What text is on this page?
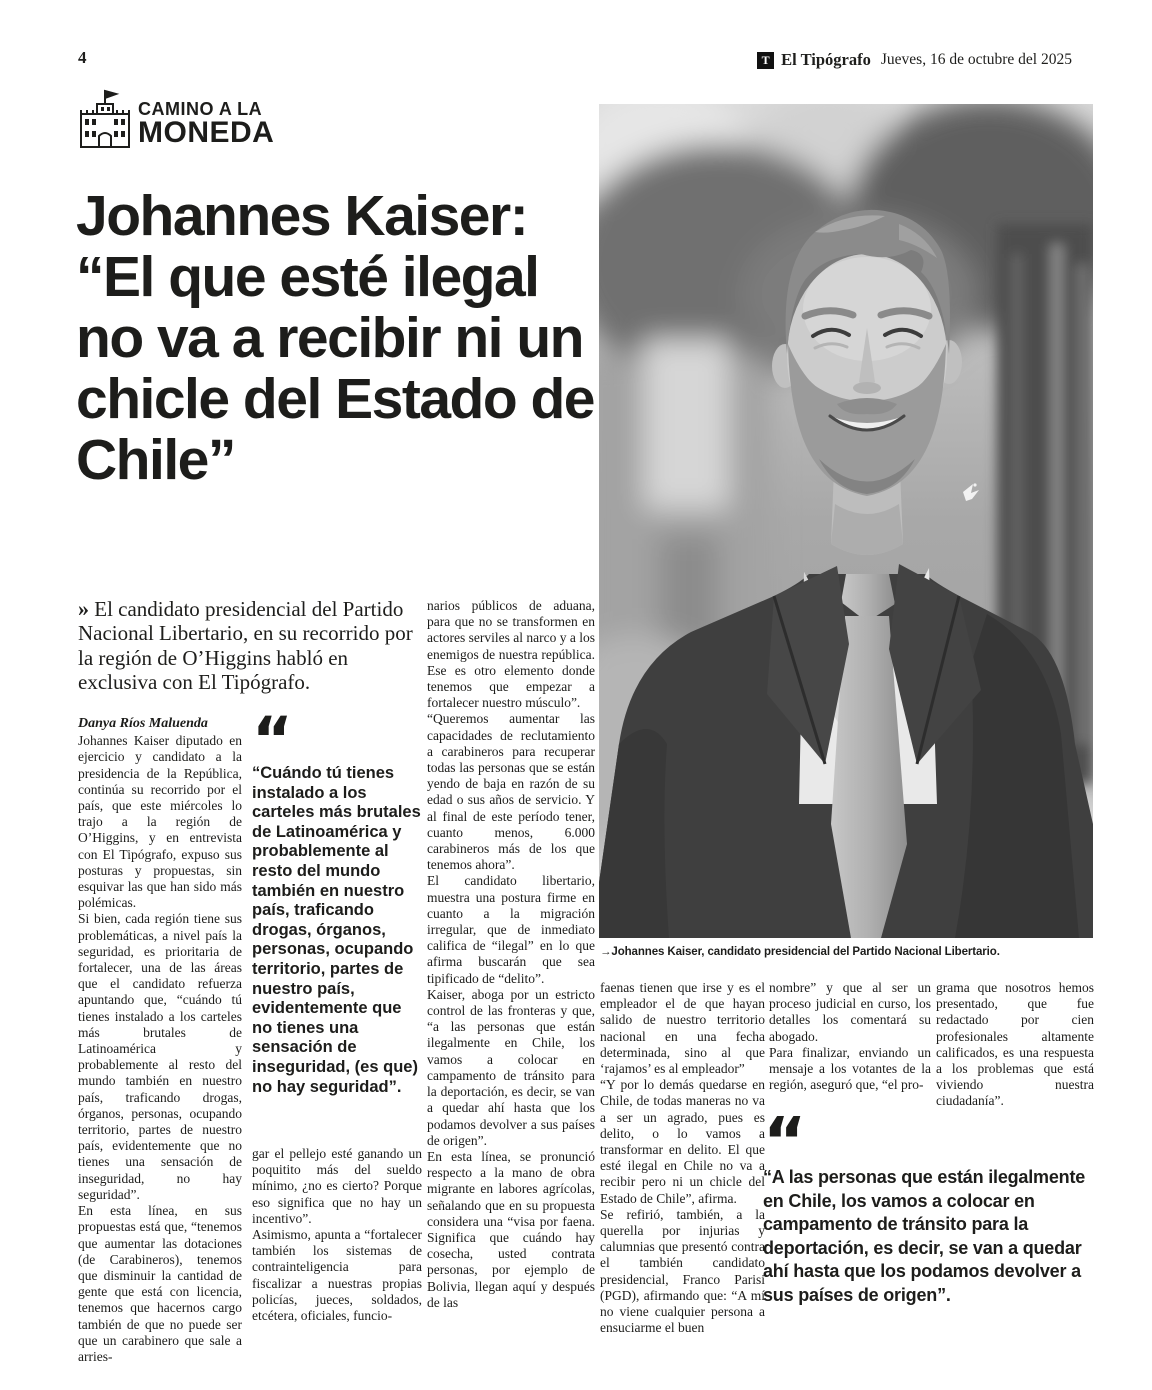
4	T El Tipógrafo Jueves, 16 de octubre del 2025
CAMINO A LA
MONEDA
Johannes Kaiser:
“El que esté ilegal
no va a recibir ni un
chicle del Estado de
Chile”

» El candidato presidencial del Partido Nacional Libertario, en su recorrido por la región de O’Higgins habló en exclusiva con El Tipógrafo.

Danya Ríos Maluenda

Johannes Kaiser diputado en ejercicio y candidato a la presidencia de la República, continúa su recorrido por el país, que este miércoles lo trajo a la región de O’Higgins, y en entrevista con El Tipógrafo, expuso sus posturas y propuestas, sin esquivar las que han sido más polémicas.

Si bien, cada región tiene sus problemáticas, a nivel país la seguridad, es prioritaria de fortalecer, una de las áreas que el candidato refuerza apuntando que, “cuándo tú tienes instalado a los carteles más brutales de Latinoamérica y probablemente al resto del mundo también en nuestro país, traficando drogas, órganos, personas, ocupando territorio, partes de nuestro país, evidentemente que no tienes una sensación de inseguridad, no hay seguridad”.

En esta línea, en sus propuestas está que, “tenemos que aumentar las dotaciones (de Carabineros), tenemos que disminuir la cantidad de gente que está con licencia, tenemos que hacernos cargo también de que no puede ser que un carabinero que sale a arries-

“
“Cuándo tú tienes instalado a los carteles más brutales de Latinoamérica y probablemente al resto del mundo también en nuestro país, traficando drogas, órganos, personas, ocupando territorio, partes de nuestro país, evidentemente que no tienes una sensación de inseguridad, (es que) no hay seguridad”.

gar el pellejo esté ganando un poquitito más del sueldo mínimo, ¿no es cierto? Porque eso significa que no hay un incentivo”.

Asimismo, apunta a “fortalecer también los sistemas de contrainteligencia para fiscalizar a nuestras propias policías, jueces, soldados, etcétera, oficiales, funcio-

narios públicos de aduana, para que no se transformen en actores serviles al narco y a los enemigos de nuestra república. Ese es otro elemento donde tenemos que empezar a fortalecer nuestro músculo”.

“Queremos aumentar las capacidades de reclutamiento a carabineros para recuperar todas las personas que se están yendo de baja en razón de su edad o sus años de servicio. Y al final de este período tener, cuanto menos, 6.000 carabineros más de los que tenemos ahora”.

El candidato libertario, muestra una postura firme en cuanto a la migración irregular, que de inmediato califica de “ilegal” en lo que afirma buscarán que sea tipificado de “delito”.

Kaiser, aboga por un estricto control de las fronteras y que, “a las personas que están ilegalmente en Chile, los vamos a colocar en campamento de tránsito para la deportación, es decir, se van a quedar ahí hasta que los podamos devolver a sus países de origen”.

En esta línea, se pronunció respecto a la mano de obra migrante en labores agrícolas, señalando que en su propuesta considera una “visa por faena. Significa que cuándo hay cosecha, usted contrata personas, por ejemplo de Bolivia, llegan aquí y después de las

→Johannes Kaiser, candidato presidencial del Partido Nacional Libertario.

faenas tienen que irse y es el empleador el de que hayan salido de nuestro territorio nacional en una fecha determinada, sino al que ‘rajamos’ es al empleador”

“Y por lo demás quedarse en Chile, de todas maneras no va a ser un agrado, pues es delito, o lo vamos a transformar en delito. El que esté ilegal en Chile no va a recibir pero ni un chicle del Estado de Chile”, afirma.

Se refirió, también, a la querella por injurias y calumnias que presentó contra el también candidato presidencial, Franco Parisi (PGD), afirmando que: “A mí no viene cualquier persona a ensuciarme el buen

nombre” y que al ser un proceso judicial en curso, los detalles los comentará su abogado.

Para finalizar, enviando un mensaje a los votantes de la región, aseguró que, “el pro-

grama que nosotros hemos presentado, que fue redactado por cien profesionales altamente calificados, es una respuesta a los problemas que está viviendo nuestra ciudadanía”.

“
“A las personas que están ilegalmente en Chile, los vamos a colocar en campamento de tránsito para la deportación, es decir, se van a quedar ahí hasta que los podamos devolver a sus países de origen”.
